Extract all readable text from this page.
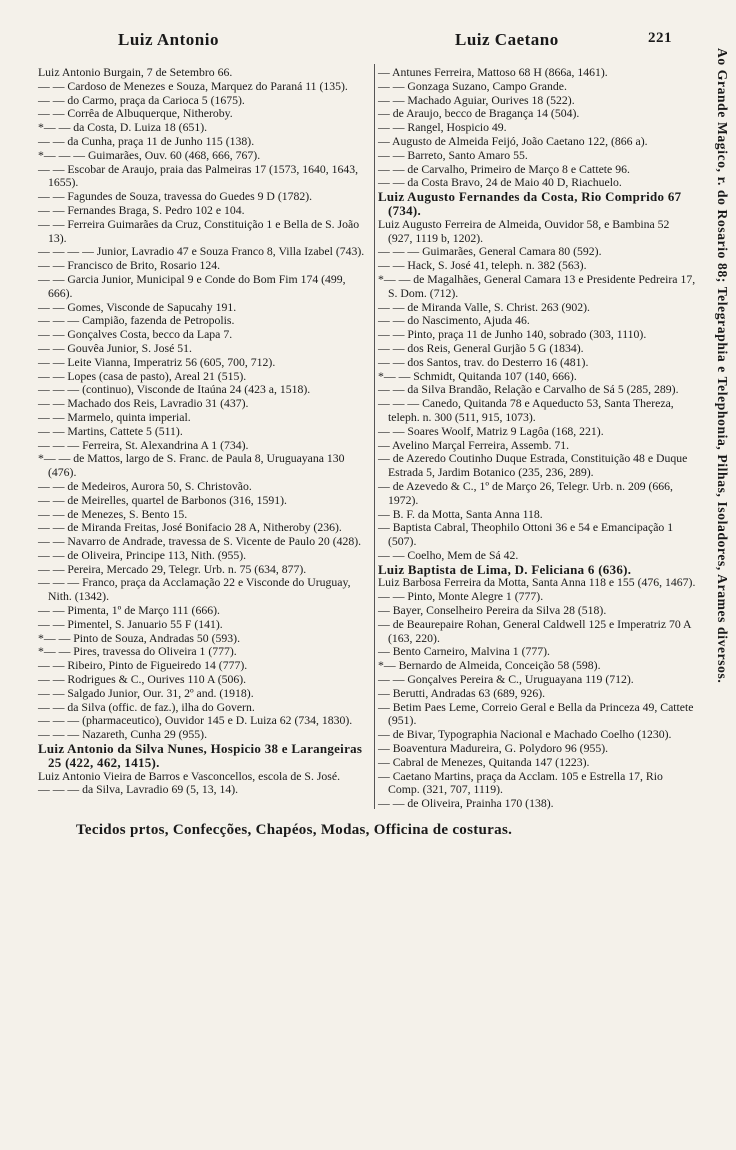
Luiz Antonio	Luiz Caetano	221
Luiz Antonio Burgain, 7 de Setembro 66.
— — Cardoso de Menezes e Souza, Marquez do Paraná 11 (135).
— — do Carmo, praça da Carioca 5 (1675).
— — Corrêa de Albuquerque, Nitheroby.
*— — da Costa, D. Luiza 18 (651).
— — da Cunha, praça 11 de Junho 115 (138).
*— — — Guimarães, Ouv. 60 (468, 666, 767).
— — Escobar de Araujo, praia das Palmeiras 17 (1573, 1640, 1643, 1655).
— — Fagundes de Souza, travessa do Guedes 9 D (1782).
— — Fernandes Braga, S. Pedro 102 e 104.
— — Ferreira Guimarães da Cruz, Constituição 1 e Bella de S. João 13).
— — — — Junior, Lavradio 47 e Souza Franco 8, Villa Izabel (743).
— — Francisco de Brito, Rosario 124.
— — Garcia Junior, Municipal 9 e Conde do Bom Fim 174 (499, 666).
— — Gomes, Visconde de Sapucahy 191.
— — — Campião, fazenda de Petropolis.
— — Gonçalves Costa, becco da Lapa 7.
— — Gouvêa Junior, S. José 51.
— — Leite Vianna, Imperatriz 56 (605, 700, 712).
— — Lopes (casa de pasto), Areal 21 (515).
— — — (continuo), Visconde de Itaúna 24 (423 a, 1518).
— — Machado dos Reis, Lavradio 31 (437).
— — Marmelo, quinta imperial.
— — Martins, Cattete 5 (511).
— — — Ferreira, St. Alexandrina A 1 (734).
*— — de Mattos, largo de S. Franc. de Paula 8, Uruguayana 130 (476).
— — de Medeiros, Aurora 50, S. Christovão.
— — de Meirelles, quartel de Barbonos (316, 1591).
— — de Menezes, S. Bento 15.
— — de Miranda Freitas, José Bonifacio 28 A, Nitheroby (236).
— — Navarro de Andrade, travessa de S. Vicente de Paulo 20 (428).
— — de Oliveira, Principe 113, Nith. (955).
— — Pereira, Mercado 29, Telegr. Urb. n. 75 (634, 877).
— — — Franco, praça da Acclamação 22 e Visconde do Uruguay, Nith. (1342).
— — Pimenta, 1º de Março 111 (666).
— — Pimentel, S. Januario 55 F (141).
*— — Pinto de Souza, Andradas 50 (593).
*— — Pires, travessa do Oliveira 1 (777).
— — Ribeiro, Pinto de Figueiredo 14 (777).
— — Rodrigues & C., Ourives 110 A (506).
— — Salgado Junior, Our. 31, 2º and. (1918).
— — da Silva (offic. de faz.), ilha do Govern.
— — — (pharmaceutico), Ouvidor 145 e D. Luiza 62 (734, 1830).
— — — Nazareth, Cunha 29 (955).
Luiz Antonio da Silva Nunes, Hospicio 38 e Larangeiras 25 (422, 462, 1415).
Luiz Antonio Vieira de Barros e Vasconcellos, escola de S. José.
— — — da Silva, Lavradio 69 (5, 13, 14).
— Antunes Ferreira, Mattoso 68 H (866a, 1461).
— — Gonzaga Suzano, Campo Grande.
— — Machado Aguiar, Ourives 18 (522).
— de Araujo, becco de Bragança 14 (504).
— — Rangel, Hospicio 49.
— Augusto de Almeida Feijó, João Caetano 122, (866 a).
— — Barreto, Santo Amaro 55.
— — de Carvalho, Primeiro de Março 8 e Cattete 96.
— — da Costa Bravo, 24 de Maio 40 D, Riachuelo.
Luiz Augusto Fernandes da Costa, Rio Comprido 67 (734).
Luiz Augusto Ferreira de Almeida, Ouvidor 58, e Bambina 52 (927, 1119 b, 1202).
— — — Guimarães, General Camara 80 (592).
— — Hack, S. José 41, teleph. n. 382 (563).
*— — de Magalhães, General Camara 13 e Presidente Pedreira 17, S. Dom. (712).
— — de Miranda Valle, S. Christ. 263 (902).
— — do Nascimento, Ajuda 46.
— — Pinto, praça 11 de Junho 140, sobrado (303, 1110).
— — dos Reis, General Gurjão 5 G (1834).
— — dos Santos, trav. do Desterro 16 (481).
*— — Schmidt, Quitanda 107 (140, 666).
— — da Silva Brandão, Relação e Carvalho de Sá 5 (285, 289).
— — — Canedo, Quitanda 78 e Aqueducto 53, Santa Thereza, teleph. n. 300 (511, 915, 1073).
— — Soares Woolf, Matriz 9 Lagôa (168, 221).
— Avelino Marçal Ferreira, Assemb. 71.
— de Azeredo Coutinho Duque Estrada, Constituição 48 e Duque Estrada 5, Jardim Botanico (235, 236, 289).
— de Azevedo & C., 1º de Março 26, Telegr. Urb. n. 209 (666, 1972).
— B. F. da Motta, Santa Anna 118.
— Baptista Cabral, Theophilo Ottoni 36 e 54 e Emancipação 1 (507).
— — Coelho, Mem de Sá 42.
Luiz Baptista de Lima, D. Feliciana 6 (636).
Luiz Barbosa Ferreira da Motta, Santa Anna 118 e 155 (476, 1467).
— — Pinto, Monte Alegre 1 (777).
— Bayer, Conselheiro Pereira da Silva 28 (518).
— de Beaurepaire Rohan, General Caldwell 125 e Imperatriz 70 A (163, 220).
— Bento Carneiro, Malvina 1 (777).
*— Bernardo de Almeida, Conceição 58 (598).
— — Gonçalves Pereira & C., Uruguayana 119 (712).
— Berutti, Andradas 63 (689, 926).
— Betim Paes Leme, Correio Geral e Bella da Princeza 49, Cattete (951).
— de Bivar, Typographia Nacional e Machado Coelho (1230).
— Boaventura Madureira, G. Polydoro 96 (955).
— Cabral de Menezes, Quitanda 147 (1223).
— Caetano Martins, praça da Acclam. 105 e Estrella 17, Rio Comp. (321, 707, 1119).
— — de Oliveira, Prainha 170 (138).
Ao Grande Magico, r. do Rosario 88; Telegraphia e Telephonia, Pilhas, Isoladores, Arames diversos.
Tecidos prtos, Confecções, Chapéos, Modas, Officina de costuras.
